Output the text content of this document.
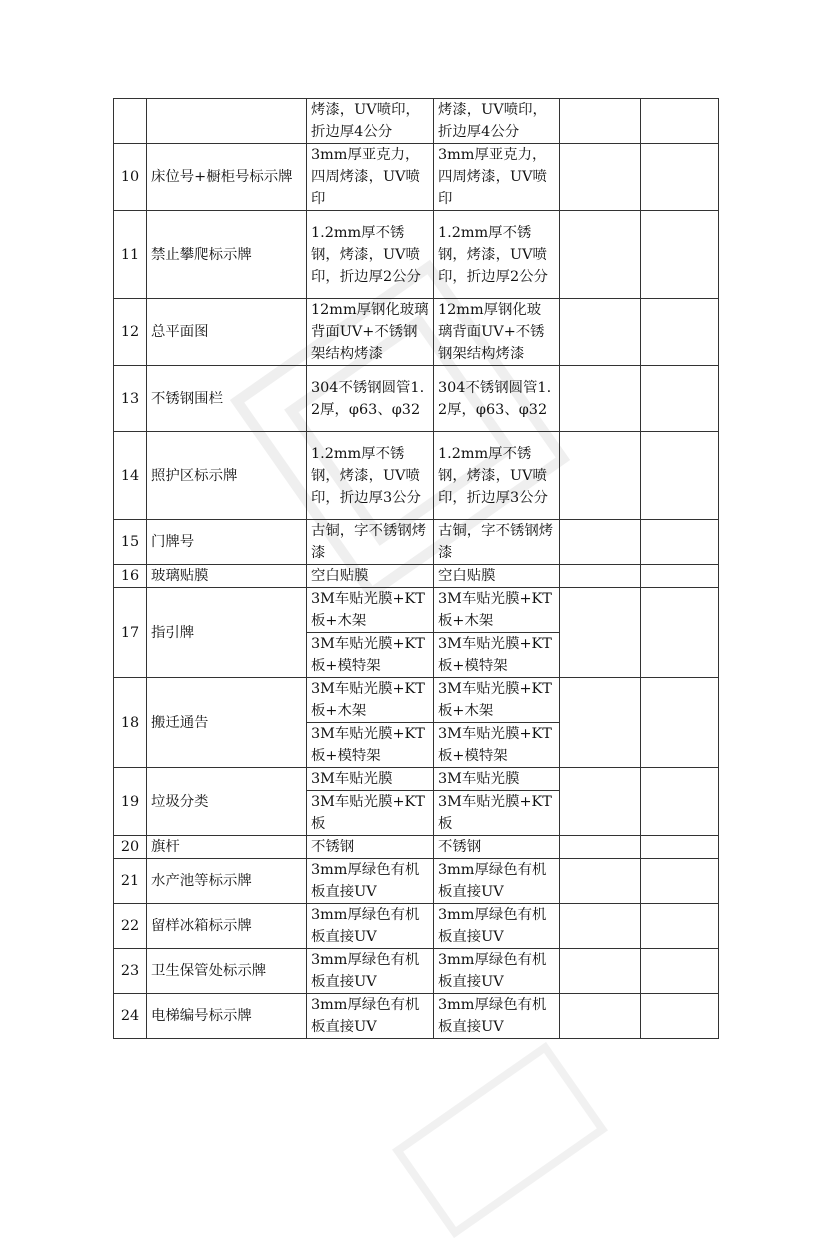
		烤漆，UV喷印，折边厚4公分	烤漆，UV喷印，折边厚4公分		
10	床位号+橱柜号标示牌	3mm厚亚克力，四周烤漆，UV喷印	3mm厚亚克力，四周烤漆，UV喷印		
11	禁止攀爬标示牌	1.2mm厚不锈钢，烤漆，UV喷印，折边厚2公分	1.2mm厚不锈钢，烤漆，UV喷印，折边厚2公分		
12	总平面图	12mm厚钢化玻璃背面UV+不锈钢架结构烤漆	12mm厚钢化玻璃背面UV+不锈钢架结构烤漆		
13	不锈钢围栏	304不锈钢圆管1.2厚，φ63、φ32	304不锈钢圆管1.2厚，φ63、φ32		
14	照护区标示牌	1.2mm厚不锈钢，烤漆，UV喷印，折边厚3公分	1.2mm厚不锈钢，烤漆，UV喷印，折边厚3公分		
15	门牌号	古铜，字不锈钢烤漆	古铜，字不锈钢烤漆		
16	玻璃贴膜	空白贴膜	空白贴膜		
17	指引牌	3M车贴光膜+KT板+木架	3M车贴光膜+KT板+木架		
		3M车贴光膜+KT板+模特架	3M车贴光膜+KT板+模特架		
18	搬迁通告	3M车贴光膜+KT板+木架	3M车贴光膜+KT板+木架		
		3M车贴光膜+KT板+模特架	3M车贴光膜+KT板+模特架		
19	垃圾分类	3M车贴光膜	3M车贴光膜		
		3M车贴光膜+KT板	3M车贴光膜+KT板		
20	旗杆	不锈钢	不锈钢		
21	水产池等标示牌	3mm厚绿色有机板直接UV	3mm厚绿色有机板直接UV		
22	留样冰箱标示牌	3mm厚绿色有机板直接UV	3mm厚绿色有机板直接UV		
23	卫生保管处标示牌	3mm厚绿色有机板直接UV	3mm厚绿色有机板直接UV		
24	电梯编号标示牌	3mm厚绿色有机板直接UV	3mm厚绿色有机板直接UV		
